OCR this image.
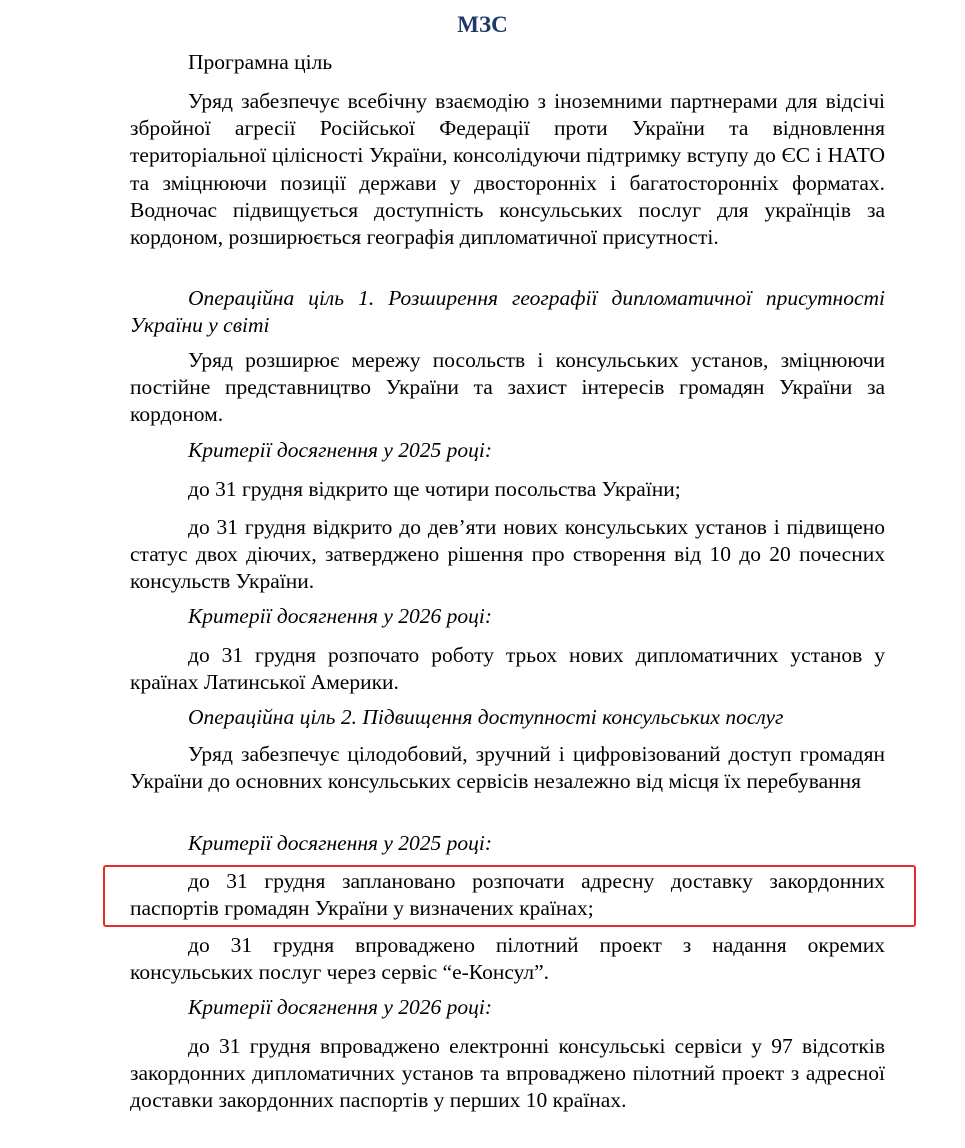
МЗС

Програмна ціль

Уряд забезпечує всебічну взаємодію з іноземними партнерами для відсічі збройної агресії Російської Федерації проти України та відновлення територіальної цілісності України, консолідуючи підтримку вступу до ЄС і НАТО та зміцнюючи позиції держави у двосторонніх і багатосторонніх форматах. Водночас підвищується доступність консульських послуг для українців за кордоном, розширюється географія дипломатичної присутності.

Операційна ціль 1. Розширення географії дипломатичної присутності України у світі

Уряд розширює мережу посольств і консульських установ, зміцнюючи постійне представництво України та захист інтересів громадян України за кордоном.

Критерії досягнення у 2025 році:

до 31 грудня відкрито ще чотири посольства України;

до 31 грудня відкрито до дев’яти нових консульських установ і підвищено статус двох діючих, затверджено рішення про створення від 10 до 20 почесних консульств України.

Критерії досягнення у 2026 році:

до 31 грудня розпочато роботу трьох нових дипломатичних установ у країнах Латинської Америки.

Операційна ціль 2. Підвищення доступності консульських послуг

Уряд забезпечує цілодобовий, зручний і цифровізований доступ громадян України до основних консульських сервісів незалежно від місця їх перебування

Критерії досягнення у 2025 році:

до 31 грудня заплановано розпочати адресну доставку закордонних паспортів громадян України у визначених країнах;

до 31 грудня впроваджено пілотний проект з надання окремих консульських послуг через сервіс “е-Консул”.

Критерії досягнення у 2026 році:

до 31 грудня впроваджено електронні консульські сервіси у 97 відсотків закордонних дипломатичних установ та впроваджено пілотний проект з адресної доставки закордонних паспортів у перших 10 країнах.
